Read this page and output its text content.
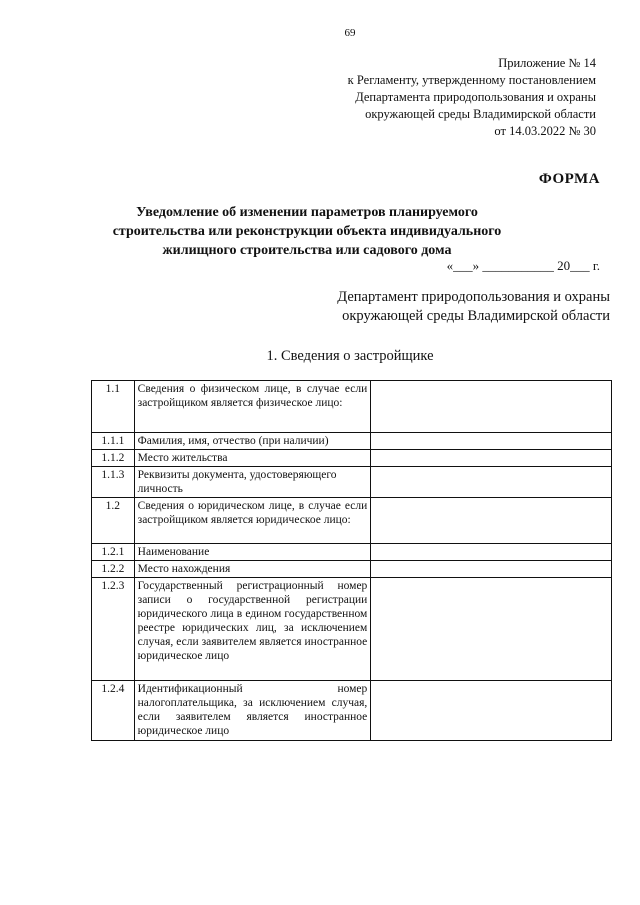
69
Приложение № 14
к Регламенту, утвержденному постановлением
Департамента природопользования и охраны
окружающей среды Владимирской области
от 14.03.2022 № 30
ФОРМА
Уведомление об изменении параметров планируемого строительства или реконструкции объекта индивидуального жилищного строительства или садового дома
«___» ___________ 20___ г.
Департамент природопользования и охраны
окружающей среды Владимирской области
1. Сведения о застройщике
1.1	Сведения о физическом лице, в случае если застройщиком является физическое лицо:	
1.1.1	Фамилия, имя, отчество (при наличии)	
1.1.2	Место жительства	
1.1.3	Реквизиты документа, удостоверяющего личность	
1.2	Сведения о юридическом лице, в случае если застройщиком является юридическое лицо:	
1.2.1	Наименование	
1.2.2	Место нахождения	
1.2.3	Государственный регистрационный номер записи о государственной регистрации юридического лица в едином государственном реестре юридических лиц, за исключением случая, если заявителем является иностранное юридическое лицо	
1.2.4	Идентификационный номер налогоплательщика, за исключением случая, если заявителем является иностранное юридическое лицо	
